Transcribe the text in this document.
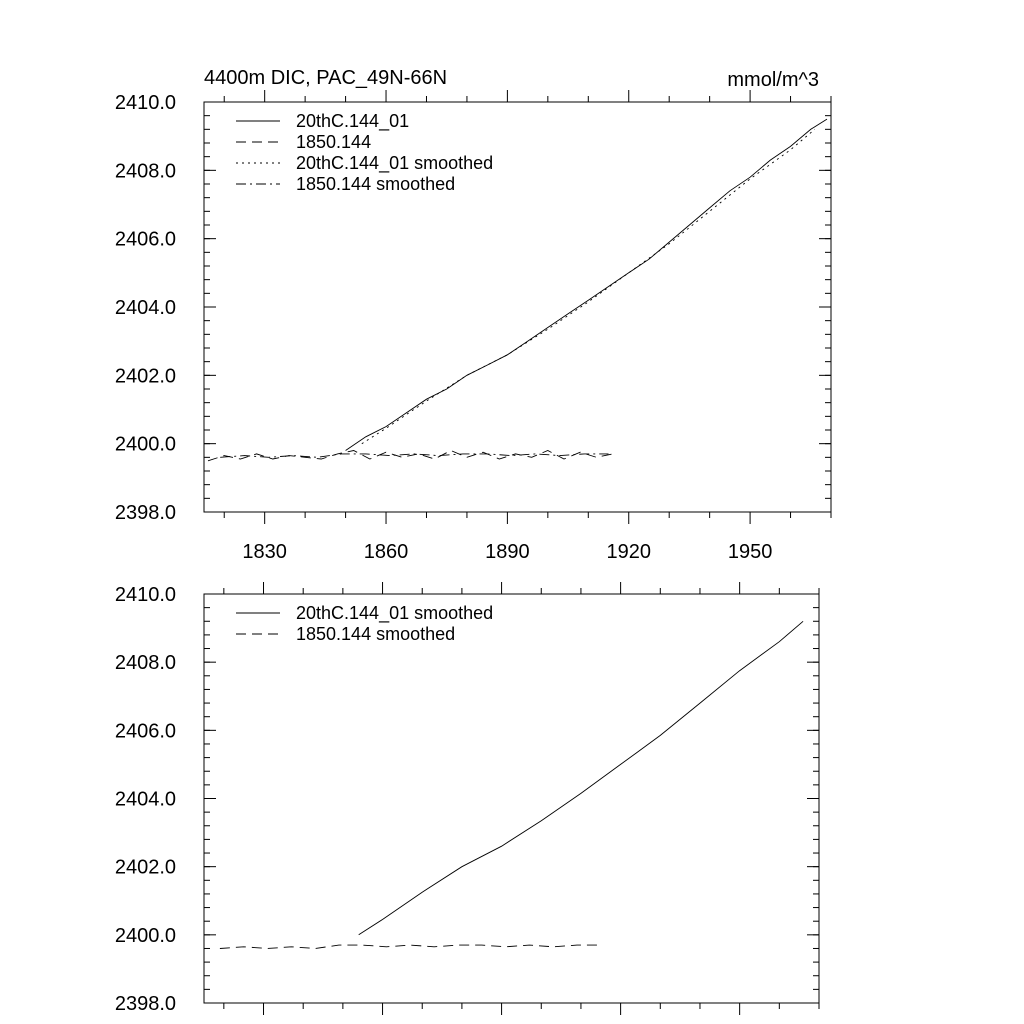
4400m DIC, PAC_49N-66N	mmol/m^3
2398.0
2400.0
2402.0
2404.0
2406.0
2408.0
2410.0
1830	1860	1890	1920	1950
20thC.144_01
1850.144
20thC.144_01 smoothed
1850.144 smoothed
2398.0
2400.0
2402.0
2404.0
2406.0
2408.0
2410.0
20thC.144_01 smoothed
1850.144 smoothed
